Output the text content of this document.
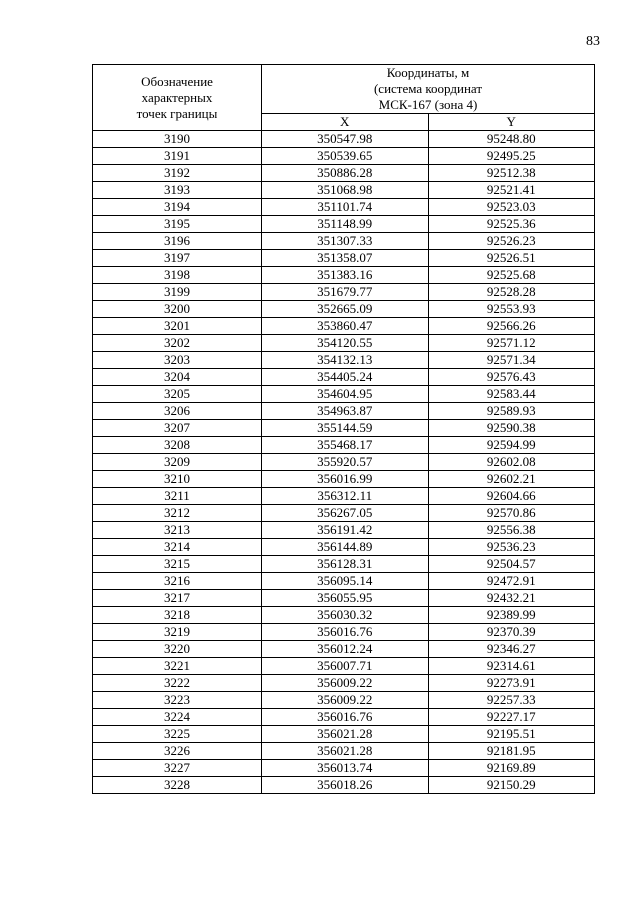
83
Обозначение
характерных
точек границы	Координаты, м
(система координат
МСК-167 (зона 4)	

	X	Y
3190	350547.98	95248.80
3191	350539.65	92495.25
3192	350886.28	92512.38
3193	351068.98	92521.41
3194	351101.74	92523.03
3195	351148.99	92525.36
3196	351307.33	92526.23
3197	351358.07	92526.51
3198	351383.16	92525.68
3199	351679.77	92528.28
3200	352665.09	92553.93
3201	353860.47	92566.26
3202	354120.55	92571.12
3203	354132.13	92571.34
3204	354405.24	92576.43
3205	354604.95	92583.44
3206	354963.87	92589.93
3207	355144.59	92590.38
3208	355468.17	92594.99
3209	355920.57	92602.08
3210	356016.99	92602.21
3211	356312.11	92604.66
3212	356267.05	92570.86
3213	356191.42	92556.38
3214	356144.89	92536.23
3215	356128.31	92504.57
3216	356095.14	92472.91
3217	356055.95	92432.21
3218	356030.32	92389.99
3219	356016.76	92370.39
3220	356012.24	92346.27
3221	356007.71	92314.61
3222	356009.22	92273.91
3223	356009.22	92257.33
3224	356016.76	92227.17
3225	356021.28	92195.51
3226	356021.28	92181.95
3227	356013.74	92169.89
3228	356018.26	92150.29
